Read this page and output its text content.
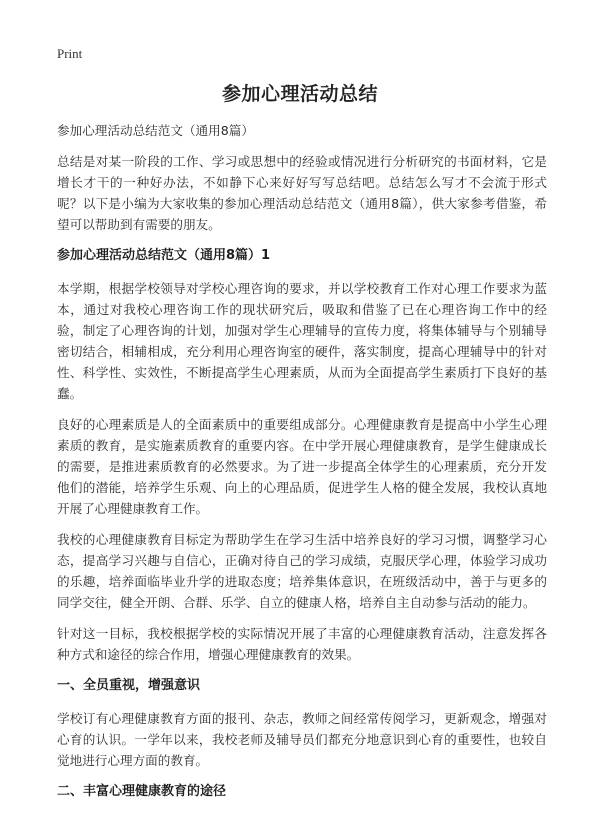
Print
参加心理活动总结

参加心理活动总结范文（通用8篇）

总结是对某一阶段的工作、学习或思想中的经验或情况进行分析研究的书面材料，它是增长才干的一种好办法，不如静下心来好好写写总结吧。总结怎么写才不会流于形式呢？以下是小编为大家收集的参加心理活动总结范文（通用8篇），供大家参考借鉴，希望可以帮助到有需要的朋友。

参加心理活动总结范文（通用8篇）1

本学期，根据学校领导对学校心理咨询的要求，并以学校教育工作对心理工作要求为蓝本，通过对我校心理咨询工作的现状研究后，吸取和借鉴了已在心理咨询工作中的经验，制定了心理咨询的计划，加强对学生心理辅导的宣传力度，将集体辅导与个别辅导密切结合，相辅相成，充分利用心理咨询室的硬件，落实制度，提高心理辅导中的针对性、科学性、实效性，不断提高学生心理素质，从而为全面提高学生素质打下良好的基蠢。

良好的心理素质是人的全面素质中的重要组成部分。心理健康教育是提高中小学生心理素质的教育，是实施素质教育的重要内容。在中学开展心理健康教育，是学生健康成长的需要，是推进素质教育的必然要求。为了进一步提高全体学生的心理素质，充分开发他们的潜能，培养学生乐观、向上的心理品质，促进学生人格的健全发展，我校认真地开展了心理健康教育工作。

我校的心理健康教育目标定为帮助学生在学习生活中培养良好的学习习惯，调整学习心态，提高学习兴趣与自信心，正确对待自己的学习成绩，克服厌学心理，体验学习成功的乐趣，培养面临毕业升学的进取态度；培养集体意识，在班级活动中，善于与更多的同学交往，健全开朗、合群、乐学、自立的健康人格，培养自主自动参与活动的能力。

针对这一目标，我校根据学校的实际情况开展了丰富的心理健康教育活动，注意发挥各种方式和途径的综合作用，增强心理健康教育的效果。

一、全员重视，增强意识

学校订有心理健康教育方面的报刊、杂志，教师之间经常传阅学习，更新观念，增强对心育的认识。一学年以来，我校老师及辅导员们都充分地意识到心育的重要性，也较自觉地进行心理方面的教育。

二、丰富心理健康教育的途径
